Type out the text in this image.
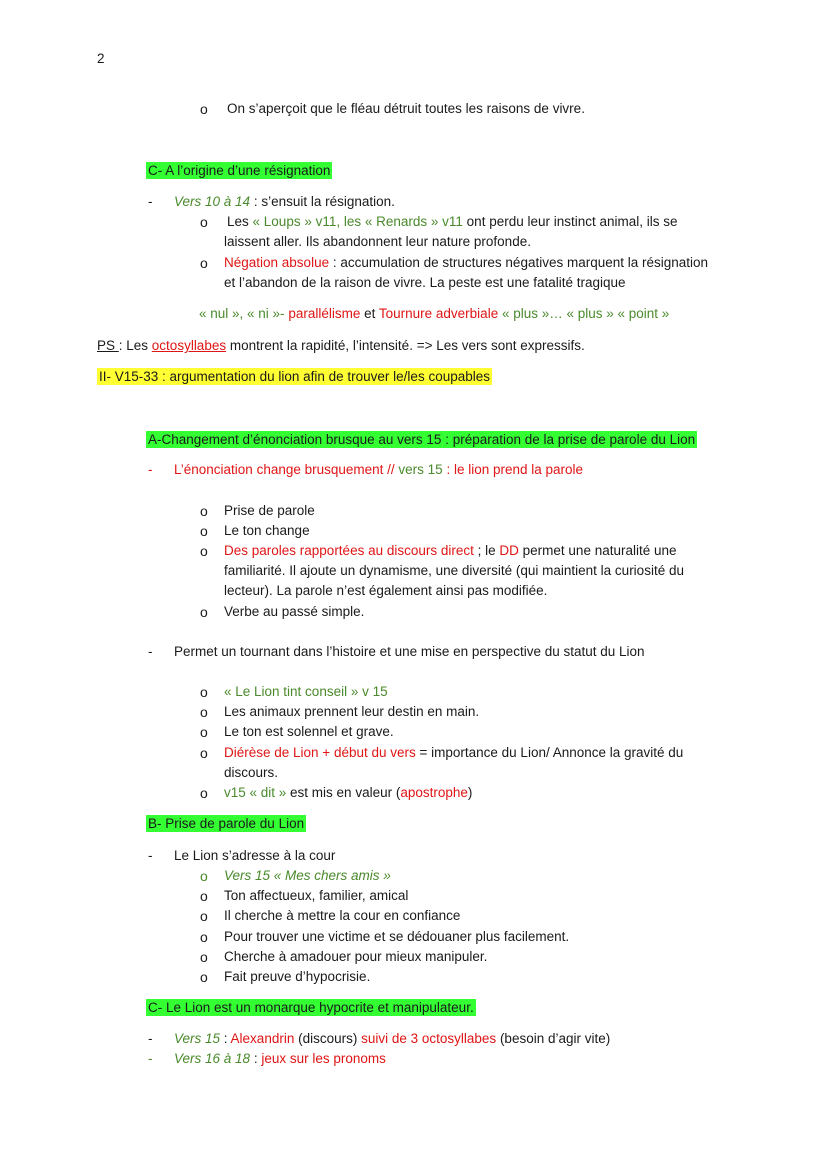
2
o On s’aperçoit que le fléau détruit toutes les raisons de vivre.
C- A l’origine d’une résignation
- Vers 10 à 14 : s’ensuit la résignation.
o Les « Loups » v11, les « Renards » v11 ont perdu leur instinct animal, ils se
laissent aller. Ils abandonnent leur nature profonde.
o Négation absolue : accumulation de structures négatives marquent la résignation
et l’abandon de la raison de vivre. La peste est une fatalité tragique
« nul », « ni »- parallélisme et Tournure adverbiale « plus »… « plus » « point »
PS : Les octosyllabes montrent la rapidité, l’intensité. => Les vers sont expressifs.
II- V15-33 : argumentation du lion afin de trouver le/les coupables
A-Changement d’énonciation brusque au vers 15 : préparation de la prise de parole du Lion
- L’énonciation change brusquement // vers 15 : le lion prend la parole
o Prise de parole
o Le ton change
o Des paroles rapportées au discours direct ; le DD permet une naturalité une
familiarité. Il ajoute un dynamisme, une diversité (qui maintient la curiosité du
lecteur). La parole n’est également ainsi pas modifiée.
o Verbe au passé simple.
- Permet un tournant dans l’histoire et une mise en perspective du statut du Lion
o « Le Lion tint conseil » v 15
o Les animaux prennent leur destin en main.
o Le ton est solennel et grave.
o Diérèse de Lion + début du vers = importance du Lion/ Annonce la gravité du
discours.
o v15 « dit » est mis en valeur (apostrophe)
B- Prise de parole du Lion
- Le Lion s’adresse à la cour
o Vers 15 « Mes chers amis »
o Ton affectueux, familier, amical
o Il cherche à mettre la cour en confiance
o Pour trouver une victime et se dédouaner plus facilement.
o Cherche à amadouer pour mieux manipuler.
o Fait preuve d’hypocrisie.
C- Le Lion est un monarque hypocrite et manipulateur.
- Vers 15 : Alexandrin (discours) suivi de 3 octosyllabes (besoin d’agir vite)
- Vers 16 à 18 : jeux sur les pronoms
